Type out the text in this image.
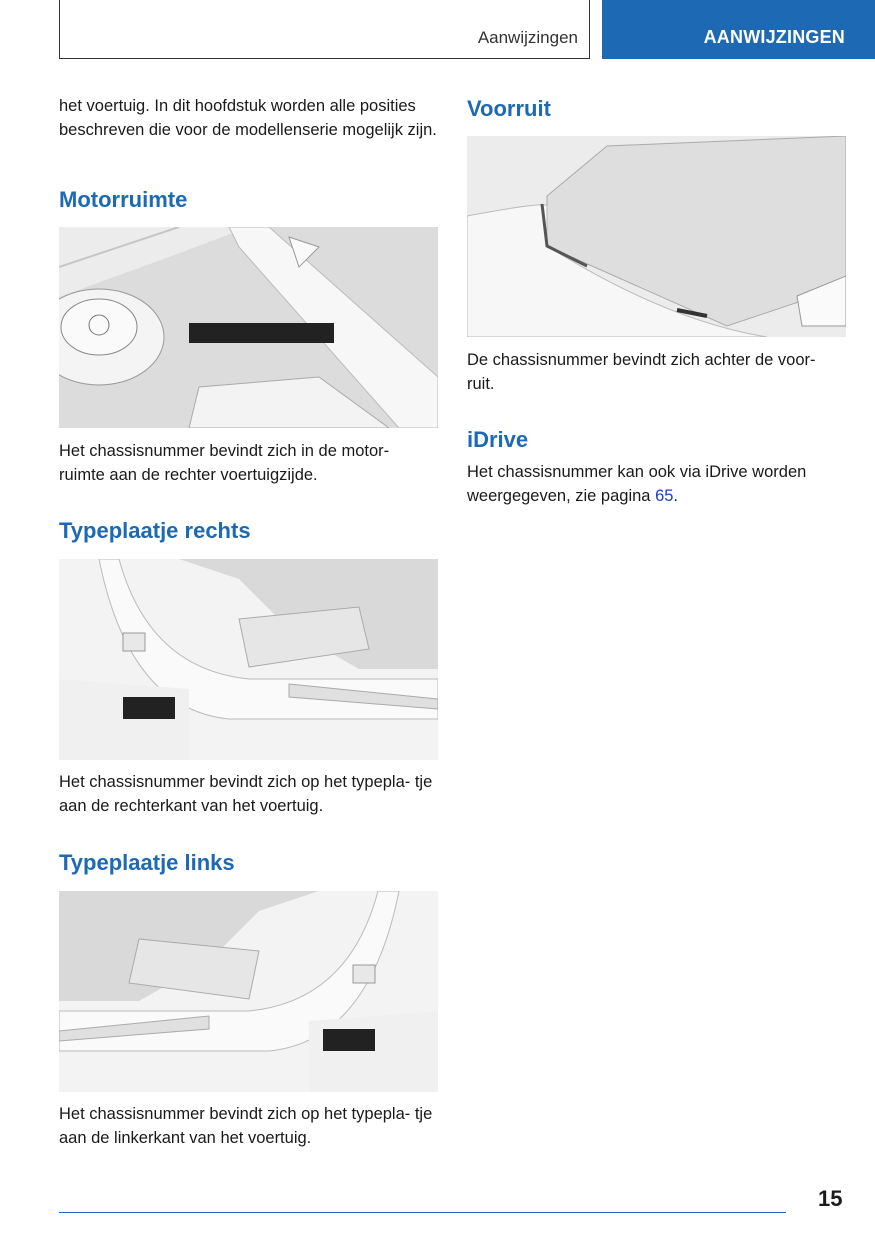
Aanwijzingen	AANWIJZINGEN

het voertuig. In dit hoofdstuk worden alle posities beschreven die voor de modellenserie mogelijk zijn.

Motorruimte

Het chassisnummer bevindt zich in de motor- ruimte aan de rechter voertuigzijde.

Typeplaatje rechts

Het chassisnummer bevindt zich op het typepla- tje aan de rechterkant van het voertuig.

Typeplaatje links

Het chassisnummer bevindt zich op het typepla- tje aan de linkerkant van het voertuig.

Voorruit

De chassisnummer bevindt zich achter de voor- ruit.

iDrive

Het chassisnummer kan ook via iDrive worden weergegeven, zie pagina 65.

15
